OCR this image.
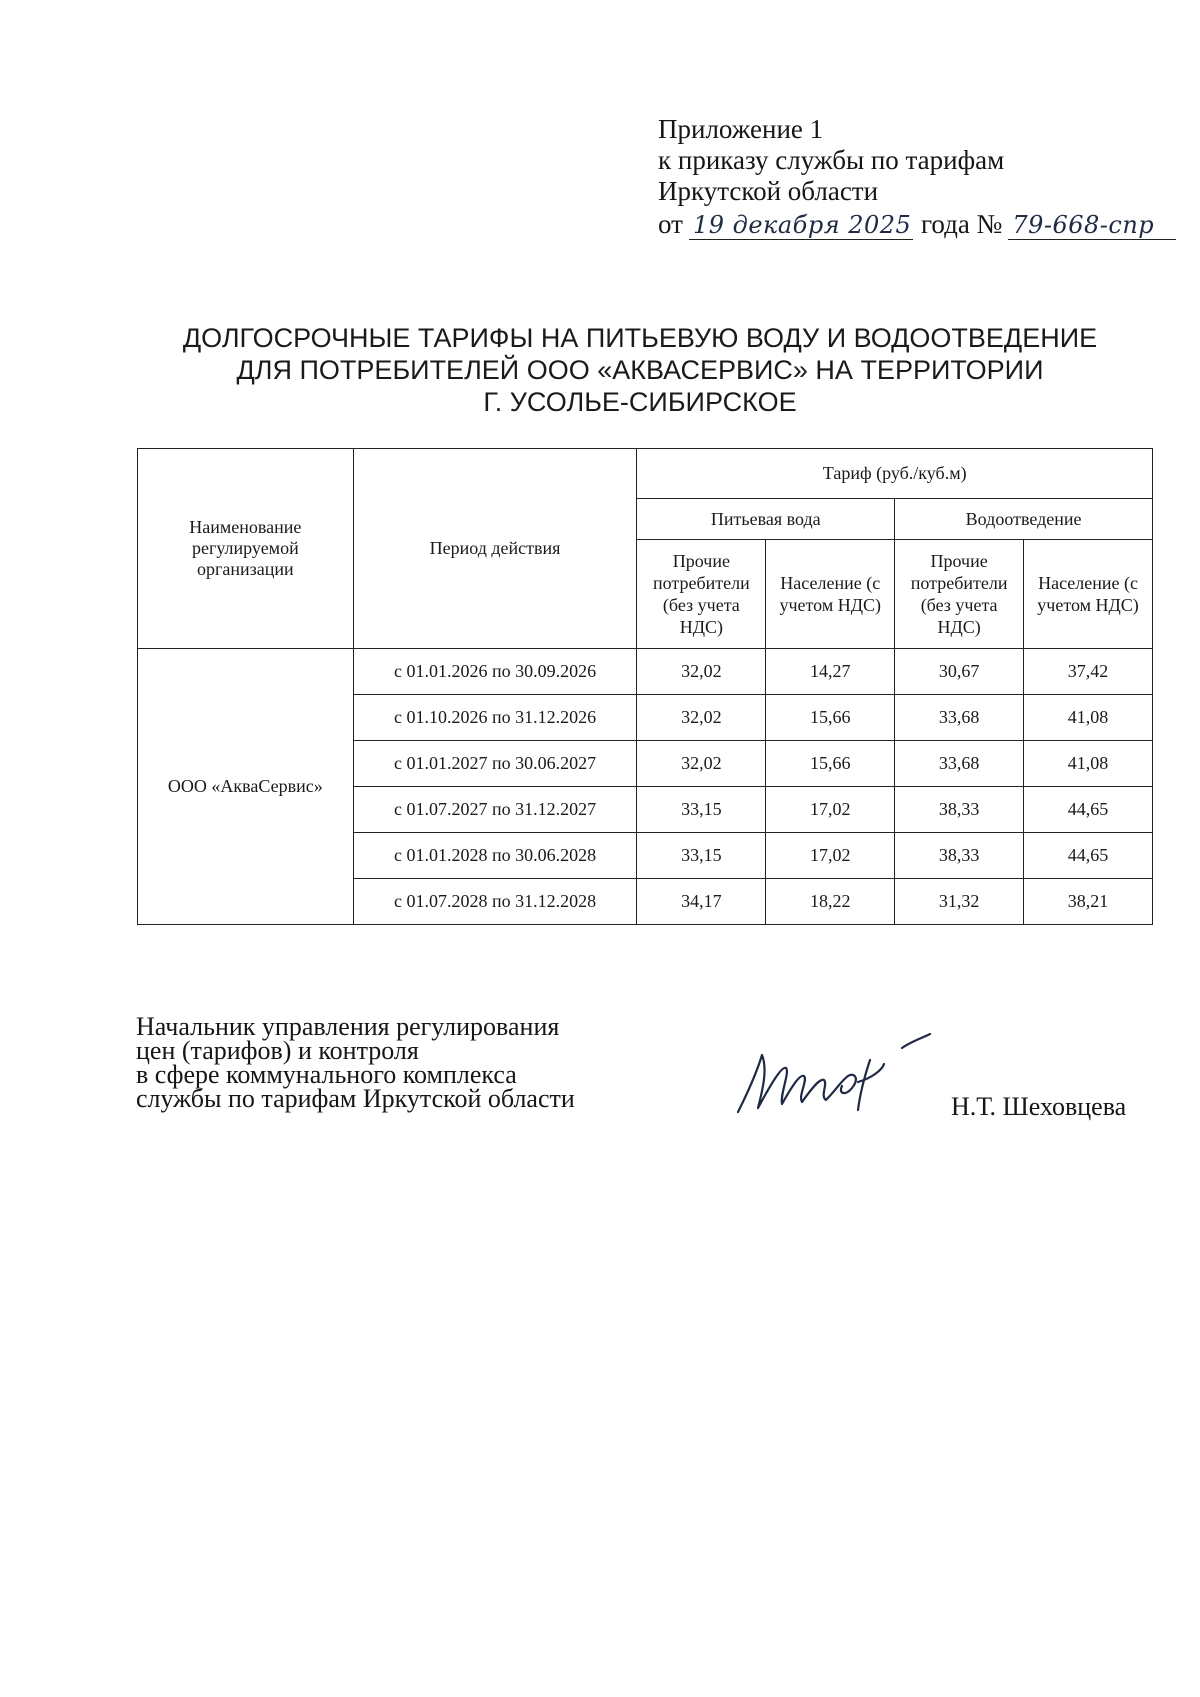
Приложение 1
к приказу службы по тарифам
Иркутской области
от 19 декабря 2025 года № 79-668-спр
ДОЛГОСРОЧНЫЕ ТАРИФЫ НА ПИТЬЕВУЮ ВОДУ И ВОДООТВЕДЕНИЕ
ДЛЯ ПОТРЕБИТЕЛЕЙ ООО «АКВАСЕРВИС» НА ТЕРРИТОРИИ
Г. УСОЛЬЕ-СИБИРСКОЕ
Наименование регулируемой организации	Период действия	Тариф (руб./куб.м)			
		Питьевая вода		Водоотведение	
		Прочие потребители (без учета НДС)	Население (с учетом НДС)	Прочие потребители (без учета НДС)	Население (с учетом НДС)
ООО «АкваСервис»	с 01.01.2026 по 30.09.2026	32,02	14,27	30,67	37,42
	с 01.10.2026 по 31.12.2026	32,02	15,66	33,68	41,08
	с 01.01.2027 по 30.06.2027	32,02	15,66	33,68	41,08
	с 01.07.2027 по 31.12.2027	33,15	17,02	38,33	44,65
	с 01.01.2028 по 30.06.2028	33,15	17,02	38,33	44,65
	с 01.07.2028 по 31.12.2028	34,17	18,22	31,32	38,21
Начальник управления регулирования
цен (тарифов) и контроля
в сфере коммунального комплекса
службы по тарифам Иркутской области	Н.Т. Шеховцева
